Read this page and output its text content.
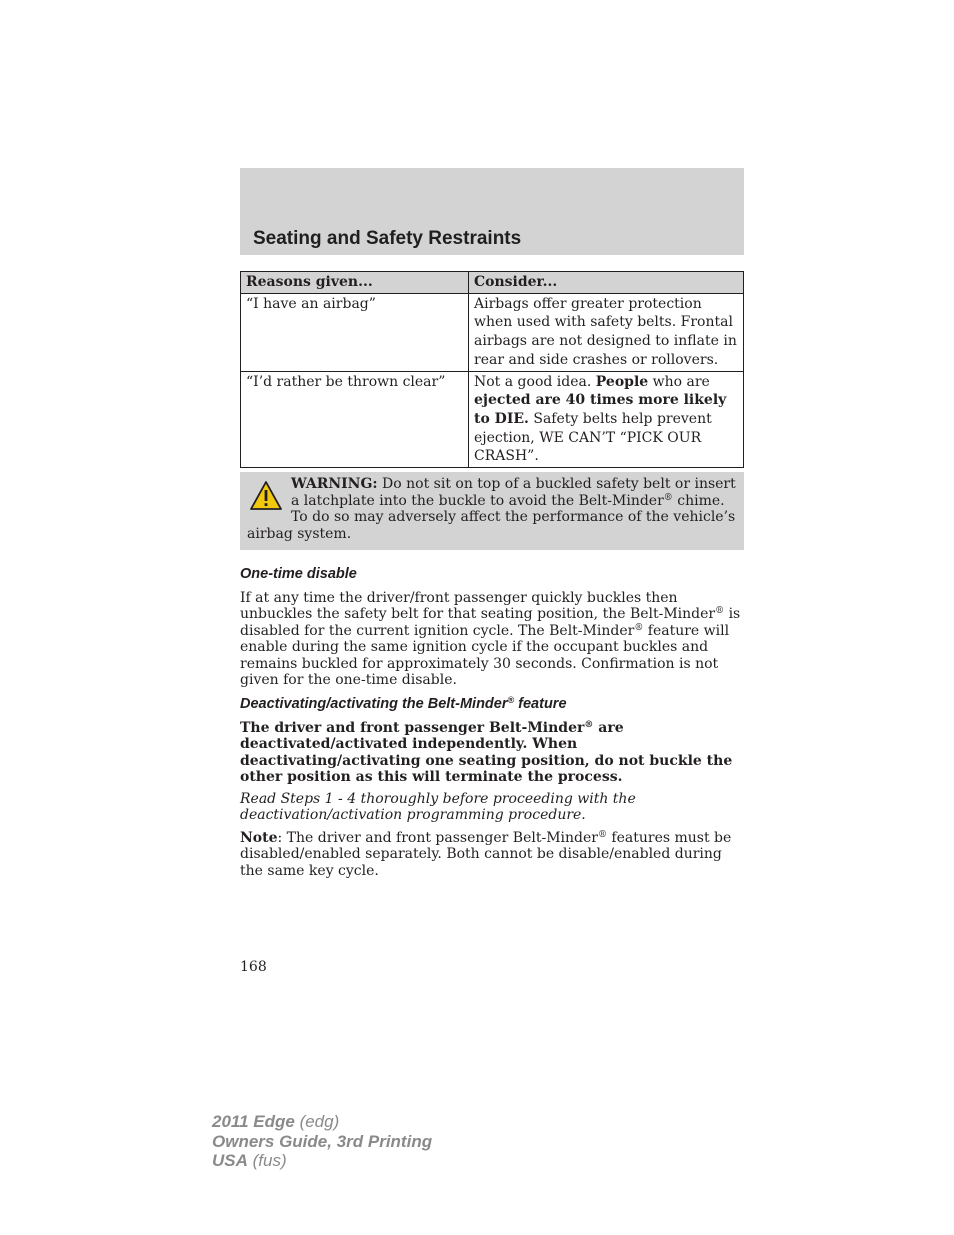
Seating and Safety Restraints
Reasons given...	Consider...
“I have an airbag”	Airbags offer greater protection when used with safety belts. Frontal airbags are not designed to inflate in rear and side crashes or rollovers.
“I’d rather be thrown clear”	Not a good idea. People who are ejected are 40 times more likely to DIE. Safety belts help prevent ejection, WE CAN’T “PICK OUR CRASH”.
WARNING: Do not sit on top of a buckled safety belt or insert a latchplate into the buckle to avoid the Belt-Minder® chime. To do so may adversely affect the performance of the vehicle’s airbag system.
One-time disable

If at any time the driver/front passenger quickly buckles then unbuckles the safety belt for that seating position, the Belt-Minder® is disabled for the current ignition cycle. The Belt-Minder® feature will enable during the same ignition cycle if the occupant buckles and remains buckled for approximately 30 seconds. Confirmation is not given for the one-time disable.

Deactivating/activating the Belt-Minder® feature

The driver and front passenger Belt-Minder® are deactivated/activated independently. When deactivating/activating one seating position, do not buckle the other position as this will terminate the process.

Read Steps 1 - 4 thoroughly before proceeding with the deactivation/activation programming procedure.

Note: The driver and front passenger Belt-Minder® features must be disabled/enabled separately. Both cannot be disable/enabled during the same key cycle.

168

2011 Edge (edg)
Owners Guide, 3rd Printing
USA (fus)
